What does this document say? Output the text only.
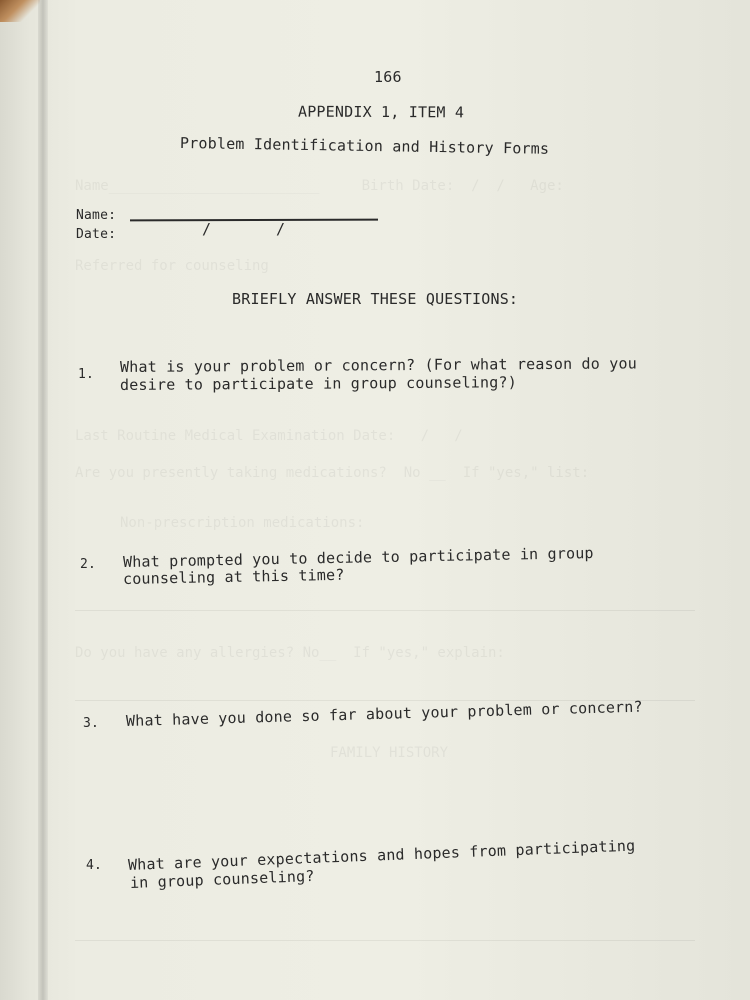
Name_________________________     Birth Date:  /  /   Age:
Referred for counseling
Last Routine Medical Examination Date:   /   /
Are you presently taking medications?  No __  If "yes," list:
Non-prescription medications:
Do you have any allergies? No__  If "yes," explain:
FAMILY HISTORY
166
APPENDIX 1, ITEM 4
Problem Identification and History Forms
Name:
Date:	/	/
BRIEFLY ANSWER THESE QUESTIONS:
1. What is your problem or concern? (For what reason do you
desire to participate in group counseling?)
2. What prompted you to decide to participate in group
counseling at this time?
3. What have you done so far about your problem or concern?
4. What are your expectations and hopes from participating
in group counseling?
